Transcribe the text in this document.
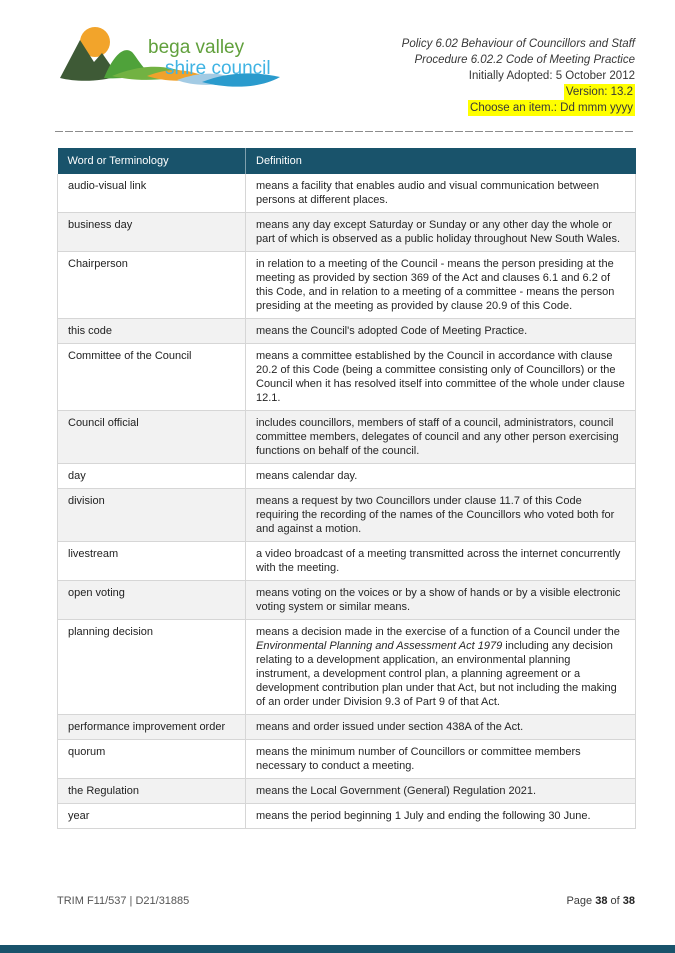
bega valley
shire council
Policy 6.02 Behaviour of Councillors and Staff
Procedure 6.02.2 Code of Meeting Practice
Initially Adopted: 5 October 2012
Version: 13.2
Choose an item.: Dd mmm yyyy
Word or Terminology	Definition
audio-visual link	means a facility that enables audio and visual communication between persons at different places.
business day	means any day except Saturday or Sunday or any other day the whole or part of which is observed as a public holiday throughout New South Wales.
Chairperson	in relation to a meeting of the Council - means the person presiding at the meeting as provided by section 369 of the Act and clauses 6.1 and 6.2 of this Code, and in relation to a meeting of a committee - means the person presiding at the meeting as provided by clause 20.9 of this Code.
this code	means the Council's adopted Code of Meeting Practice.
Committee of the Council	means a committee established by the Council in accordance with clause 20.2 of this Code (being a committee consisting only of Councillors) or the Council when it has resolved itself into committee of the whole under clause 12.1.
Council official	includes councillors, members of staff of a council, administrators, council committee members, delegates of council and any other person exercising functions on behalf of the council.
day	means calendar day.
division	means a request by two Councillors under clause 11.7 of this Code requiring the recording of the names of the Councillors who voted both for and against a motion.
livestream	a video broadcast of a meeting transmitted across the internet concurrently with the meeting.
open voting	means voting on the voices or by a show of hands or by a visible electronic voting system or similar means.
planning decision	means a decision made in the exercise of a function of a Council under the Environmental Planning and Assessment Act 1979 including any decision relating to a development application, an environmental planning instrument, a development control plan, a planning agreement or a development contribution plan under that Act, but not including the making of an order under Division 9.3 of Part 9 of that Act.
performance improvement order	means and order issued under section 438A of the Act.
quorum	means the minimum number of Councillors or committee members necessary to conduct a meeting.
the Regulation	means the Local Government (General) Regulation 2021.
year	means the period beginning 1 July and ending the following 30 June.
TRIM F11/537 | D21/31885	Page 38 of 38
